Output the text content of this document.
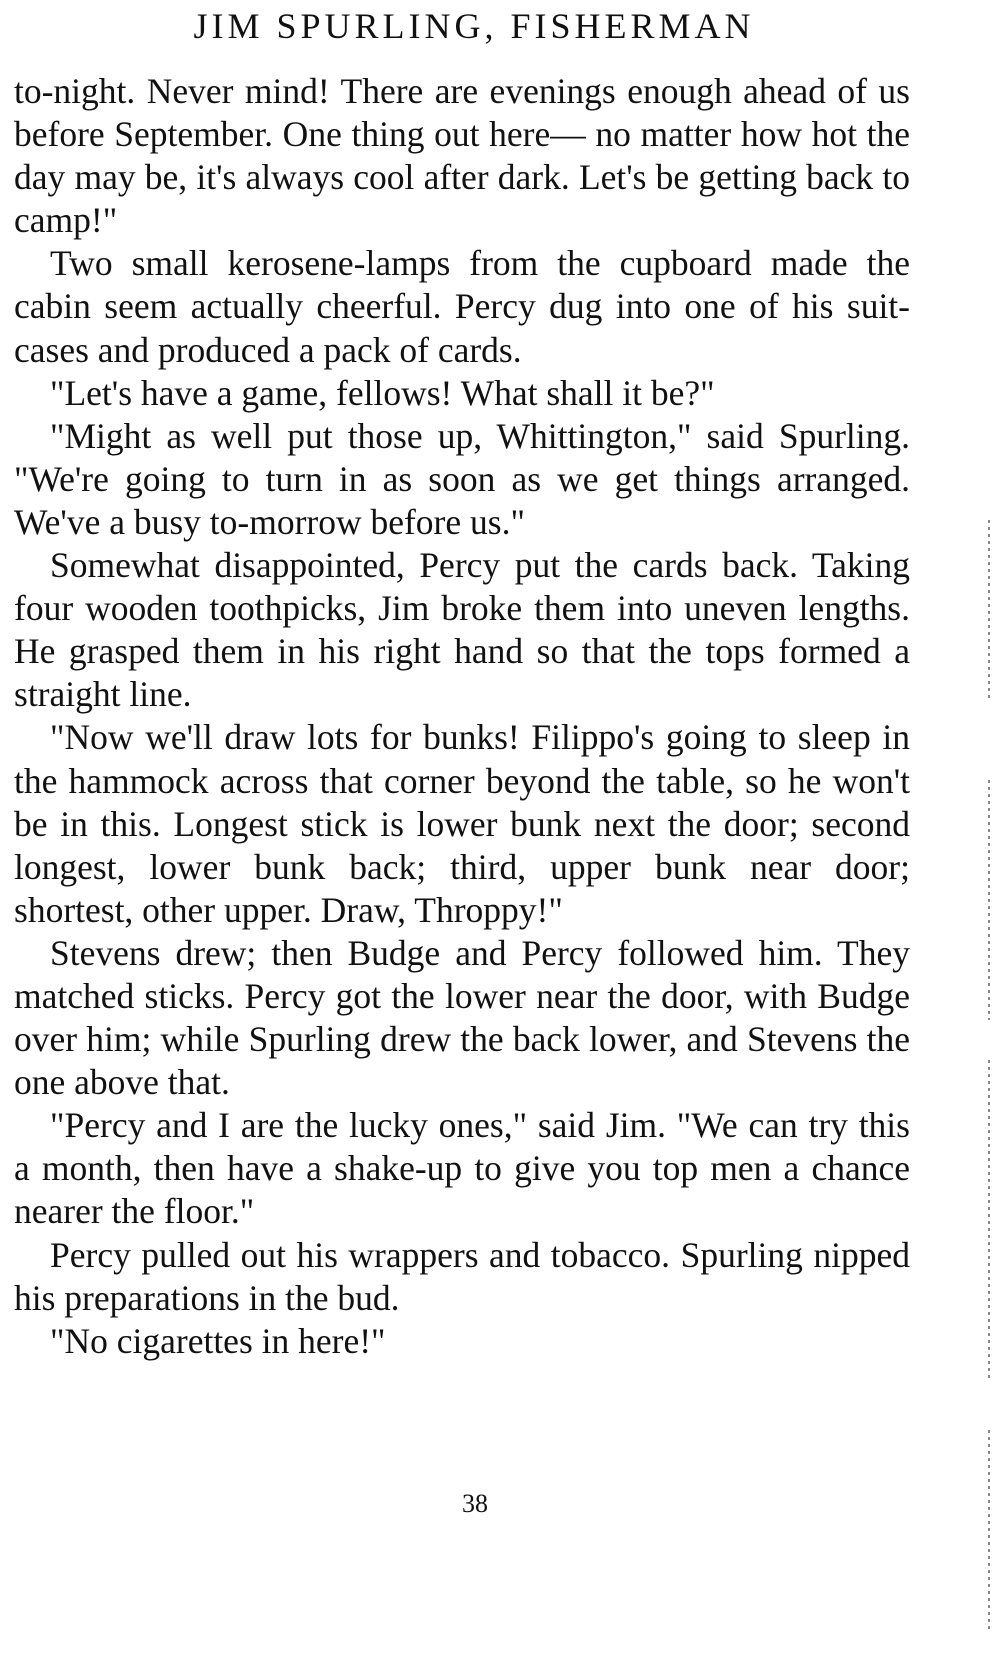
JIM SPURLING, FISHERMAN

to-night. Never mind! There are evenings enough ahead of us before September. One thing out here— no matter how hot the day may be, it's always cool after dark. Let's be getting back to camp!"

Two small kerosene-lamps from the cupboard made the cabin seem actually cheerful. Percy dug into one of his suit-cases and produced a pack of cards.

"Let's have a game, fellows! What shall it be?"

"Might as well put those up, Whittington," said Spurling. "We're going to turn in as soon as we get things arranged. We've a busy to-morrow before us."

Somewhat disappointed, Percy put the cards back. Taking four wooden toothpicks, Jim broke them into uneven lengths. He grasped them in his right hand so that the tops formed a straight line.

"Now we'll draw lots for bunks! Filippo's going to sleep in the hammock across that corner beyond the table, so he won't be in this. Longest stick is lower bunk next the door; second longest, lower bunk back; third, upper bunk near door; shortest, other upper. Draw, Throppy!"

Stevens drew; then Budge and Percy followed him. They matched sticks. Percy got the lower near the door, with Budge over him; while Spurling drew the back lower, and Stevens the one above that.

"Percy and I are the lucky ones," said Jim. "We can try this a month, then have a shake-up to give you top men a chance nearer the floor."

Percy pulled out his wrappers and tobacco. Spurling nipped his preparations in the bud.

"No cigarettes in here!"

38
